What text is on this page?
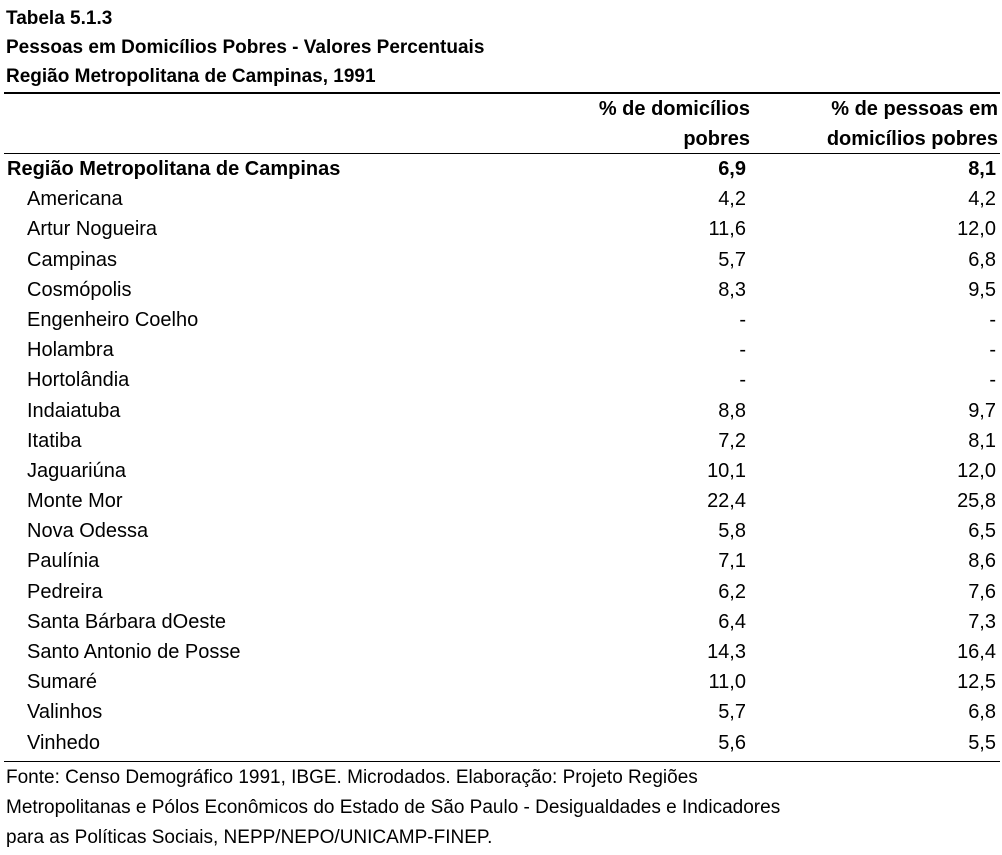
Tabela 5.1.3
Pessoas em Domicílios Pobres - Valores Percentuais
Região Metropolitana de Campinas, 1991
% de domicílios
pobres
% de pessoas em
domicílios pobres
Região Metropolitana de Campinas	6,9	8,1
Americana	4,2	4,2
Artur Nogueira	11,6	12,0
Campinas	5,7	6,8
Cosmópolis	8,3	9,5
Engenheiro Coelho	-	-
Holambra	-	-
Hortolândia	-	-
Indaiatuba	8,8	9,7
Itatiba	7,2	8,1
Jaguariúna	10,1	12,0
Monte Mor	22,4	25,8
Nova Odessa	5,8	6,5
Paulínia	7,1	8,6
Pedreira	6,2	7,6
Santa Bárbara dOeste	6,4	7,3
Santo Antonio de Posse	14,3	16,4
Sumaré	11,0	12,5
Valinhos	5,7	6,8
Vinhedo	5,6	5,5
Fonte: Censo Demográfico 1991, IBGE. Microdados. Elaboração: Projeto Regiões
Metropolitanas e Pólos Econômicos do Estado de São Paulo - Desigualdades e Indicadores
para as Políticas Sociais, NEPP/NEPO/UNICAMP-FINEP.
